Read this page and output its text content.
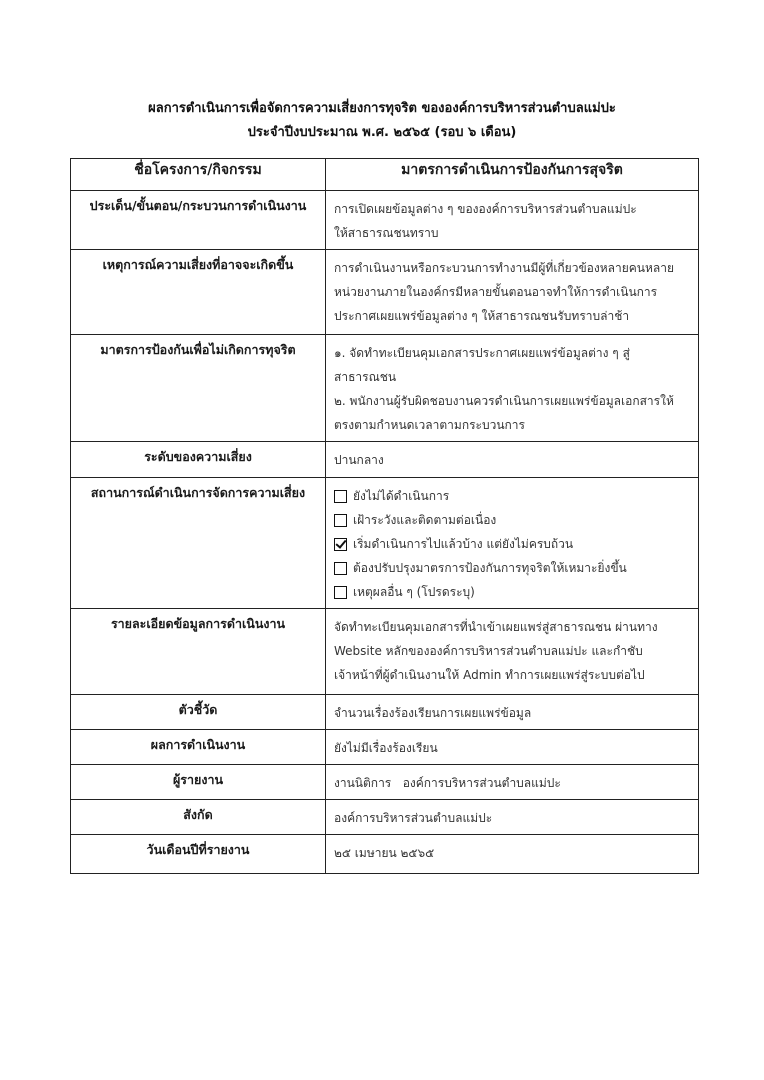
ผลการดำเนินการเพื่อจัดการความเสี่ยงการทุจริต ขององค์การบริหารส่วนตำบลแม่ปะ
ประจำปีงบประมาณ พ.ศ. ๒๕๖๕ (รอบ ๖ เดือน)
ชื่อโครงการ/กิจกรรม	มาตรการดำเนินการป้องกันการสุจริต
ประเด็น/ขั้นตอน/กระบวนการดำเนินงาน	การเปิดเผยข้อมูลต่าง ๆ ขององค์การบริหารส่วนตำบลแม่ปะ
ให้สาธารณชนทราบ

เหตุการณ์ความเสี่ยงที่อาจจะเกิดขึ้น	การดำเนินงานหรือกระบวนการทำงานมีผู้ที่เกี่ยวข้องหลายคนหลาย
หน่วยงานภายในองค์กรมีหลายขั้นตอนอาจทำให้การดำเนินการ
ประกาศเผยแพร่ข้อมูลต่าง ๆ ให้สาธารณชนรับทราบล่าช้า

มาตรการป้องกันเพื่อไม่เกิดการทุจริต	๑. จัดทำทะเบียนคุมเอกสารประกาศเผยแพร่ข้อมูลต่าง ๆ สู่
สาธารณชน
๒. พนักงานผู้รับผิดชอบงานควรดำเนินการเผยแพร่ข้อมูลเอกสารให้
ตรงตามกำหนดเวลาตามกระบวนการ

ระดับของความเสี่ยง	ปานกลาง

สถานการณ์ดำเนินการจัดการความเสี่ยง	ยังไม่ได้ดำเนินการ
เฝ้าระวังและติดตามต่อเนื่อง
เริ่มดำเนินการไปแล้วบ้าง แต่ยังไม่ครบถ้วน
ต้องปรับปรุงมาตรการป้องกันการทุจริตให้เหมาะยิ่งขึ้น
เหตุผลอื่น ๆ (โปรดระบุ)

รายละเอียดข้อมูลการดำเนินงาน	จัดทำทะเบียนคุมเอกสารที่นำเข้าเผยแพร่สู่สาธารณชน ผ่านทาง
Website หลักขององค์การบริหารส่วนตำบลแม่ปะ และกำชับ
เจ้าหน้าที่ผู้ดำเนินงานให้ Admin ทำการเผยแพร่สู่ระบบต่อไป

ตัวชี้วัด	จำนวนเรื่องร้องเรียนการเผยแพร่ข้อมูล

ผลการดำเนินงาน	ยังไม่มีเรื่องร้องเรียน

ผู้รายงาน	งานนิติการ   องค์การบริหารส่วนตำบลแม่ปะ

สังกัด	องค์การบริหารส่วนตำบลแม่ปะ

วันเดือนปีที่รายงาน	๒๕ เมษายน ๒๕๖๕
